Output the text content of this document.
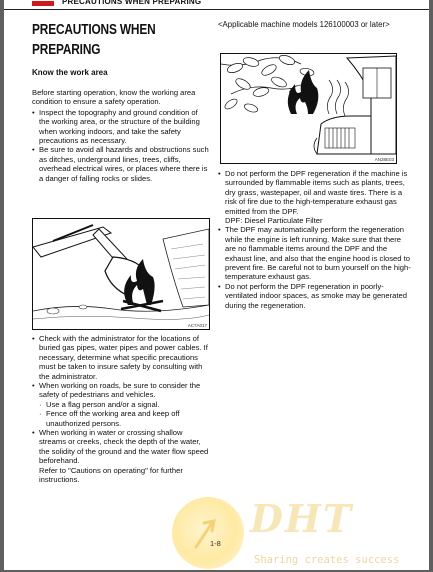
PRECAUTIONS WHEN PREPARING
PRECAUTIONS WHEN
PREPARING
Know the work area

Before starting operation, know the working area condition to ensure a safety operation.

• Inspect the topography and ground condition of the working area, or the structure of the building when working indoors, and take the safety precautions as necessary.
• Be sure to avoid all hazards and obstructions such as ditches, underground lines, trees, cliffs, overhead electrical wires, or places where there is a danger of falling rocks or slides.
AC7A017
• Check with the administrator for the locations of buried gas pipes, water pipes and power cables. If necessary, determine what specific precautions must be taken to insure safety by consulting with the administrator.
• When working on roads, be sure to consider the safety of pedestrians and vehicles.
· Use a flag person and/or a signal.
· Fence off the working area and keep off unauthorized persons.
• When working in water or crossing shallow streams or creeks, check the depth of the water, the solidity of the ground and the water flow speed beforehand.
Refer to "Cautions on operating" for further instructions.

<Applicable machine models 126100003 or later>

AN38E03
• Do not perform the DPF regeneration if the machine is surrounded by flammable items such as plants, trees, dry grass, wastepaper, oil and waste tires. There is a risk of fire due to the high-temperature exhaust gas emitted from the DPF.
DPF: Diesel Particulate Filter
• The DPF may automatically perform the regeneration while the engine is left running. Make sure that there are no flammable items around the DPF and the exhaust line, and also that the engine hood is closed to prevent fire. Be careful not to burn yourself on the high-temperature exhaust gas.
• Do not perform the DPF regeneration in poorly-ventilated indoor spaces, as smoke may be generated during the regeneration.
1-8
DHT
Sharing creates success
